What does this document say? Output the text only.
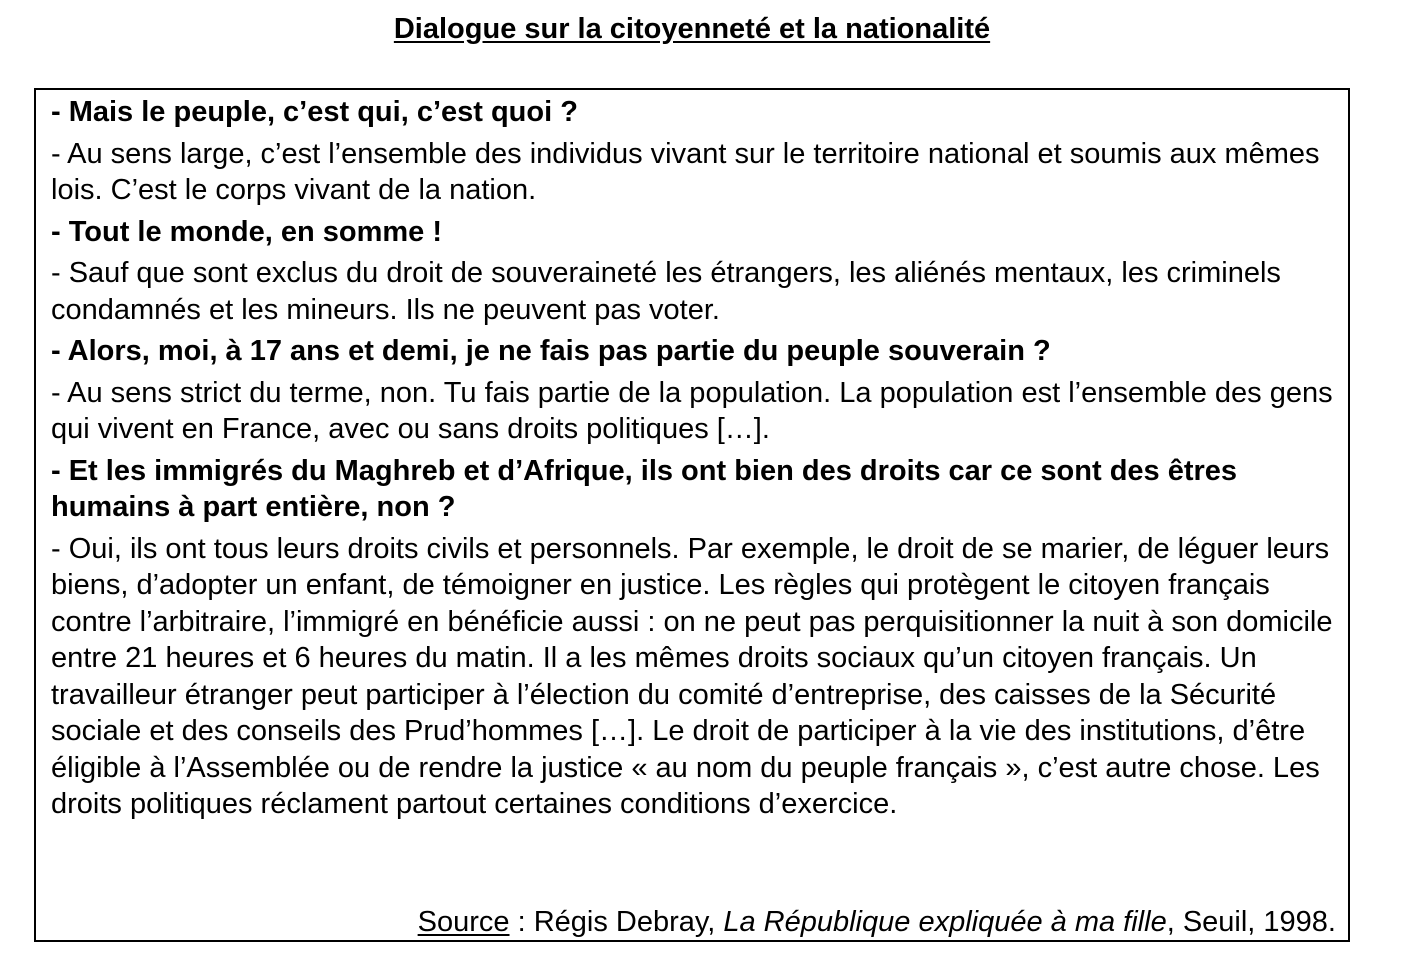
Dialogue sur la citoyenneté et la nationalité

- Mais le peuple, c’est qui, c’est quoi ?

- Au sens large, c’est l’ensemble des individus vivant sur le territoire national et soumis aux mêmes lois. C’est le corps vivant de la nation.

- Tout le monde, en somme !

- Sauf que sont exclus du droit de souveraineté les étrangers, les aliénés mentaux, les criminels condamnés et les mineurs. Ils ne peuvent pas voter.

- Alors, moi, à 17 ans et demi, je ne fais pas partie du peuple souverain ?

- Au sens strict du terme, non. Tu fais partie de la population. La population est l’ensemble des gens qui vivent en France, avec ou sans droits politiques […].

- Et les immigrés du Maghreb et d’Afrique, ils ont bien des droits car ce sont des êtres humains à part entière, non ?

- Oui, ils ont tous leurs droits civils et personnels. Par exemple, le droit de se marier, de léguer leurs biens, d’adopter un enfant, de témoigner en justice. Les règles qui protègent le citoyen français contre l’arbitraire, l’immigré en bénéficie aussi : on ne peut pas perquisitionner la nuit à son domicile entre 21 heures et 6 heures du matin. Il a les mêmes droits sociaux qu’un citoyen français. Un travailleur étranger peut participer à l’élection du comité d’entreprise, des caisses de la Sécurité sociale et des conseils des Prud’hommes […]. Le droit de participer à la vie des institutions, d’être éligible à l’Assemblée ou de rendre la justice « au nom du peuple français », c’est autre chose. Les droits politiques réclament partout certaines conditions d’exercice.

Source : Régis Debray, La République expliquée à ma fille, Seuil, 1998.
